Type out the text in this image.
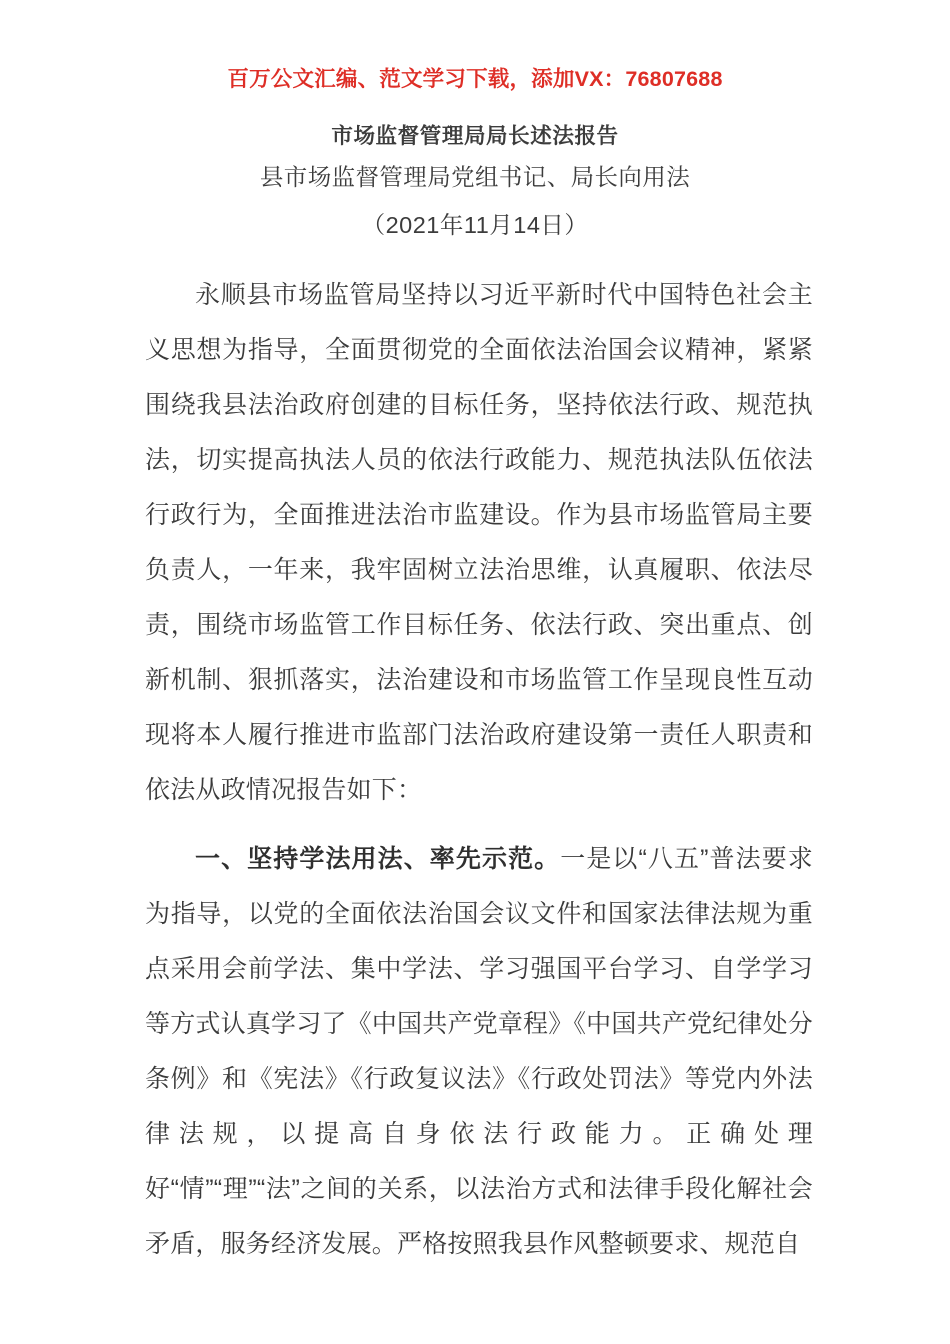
百万公文汇编、范文学习下载，添加VX：76807688
市场监督管理局局长述法报告
县市场监督管理局党组书记、局长向用法
（2021年11月14日）

永顺县市场监管局坚持以习近平新时代中国特色社会主义思想为指导，全面贯彻党的全面依法治国会议精神，紧紧围绕我县法治政府创建的目标任务，坚持依法行政、规范执法，切实提高执法人员的依法行政能力、规范执法队伍依法行政行为，全面推进法治市监建设。作为县市场监管局主要负责人，一年来，我牢固树立法治思维，认真履职、依法尽责，围绕市场监管工作目标任务、依法行政、突出重点、创新机制、狠抓落实，法治建设和市场监管工作呈现良性互动现将本人履行推进市监部门法治政府建设第一责任人职责和依法从政情况报告如下：

一、坚持学法用法、率先示范。一是以“八五”普法要求为指导，以党的全面依法治国会议文件和国家法律法规为重点采用会前学法、集中学法、学习强国平台学习、自学学习等方式认真学习了《中国共产党章程》《中国共产党纪律处分条例》和《宪法》《行政复议法》《行政处罚法》等党内外法律法规，以提高自身依法行政能力。正确处理好“情”“理”“法”之间的关系，以法治方式和法律手段化解社会矛盾，服务经济发展。严格按照我县作风整顿要求、规范自
